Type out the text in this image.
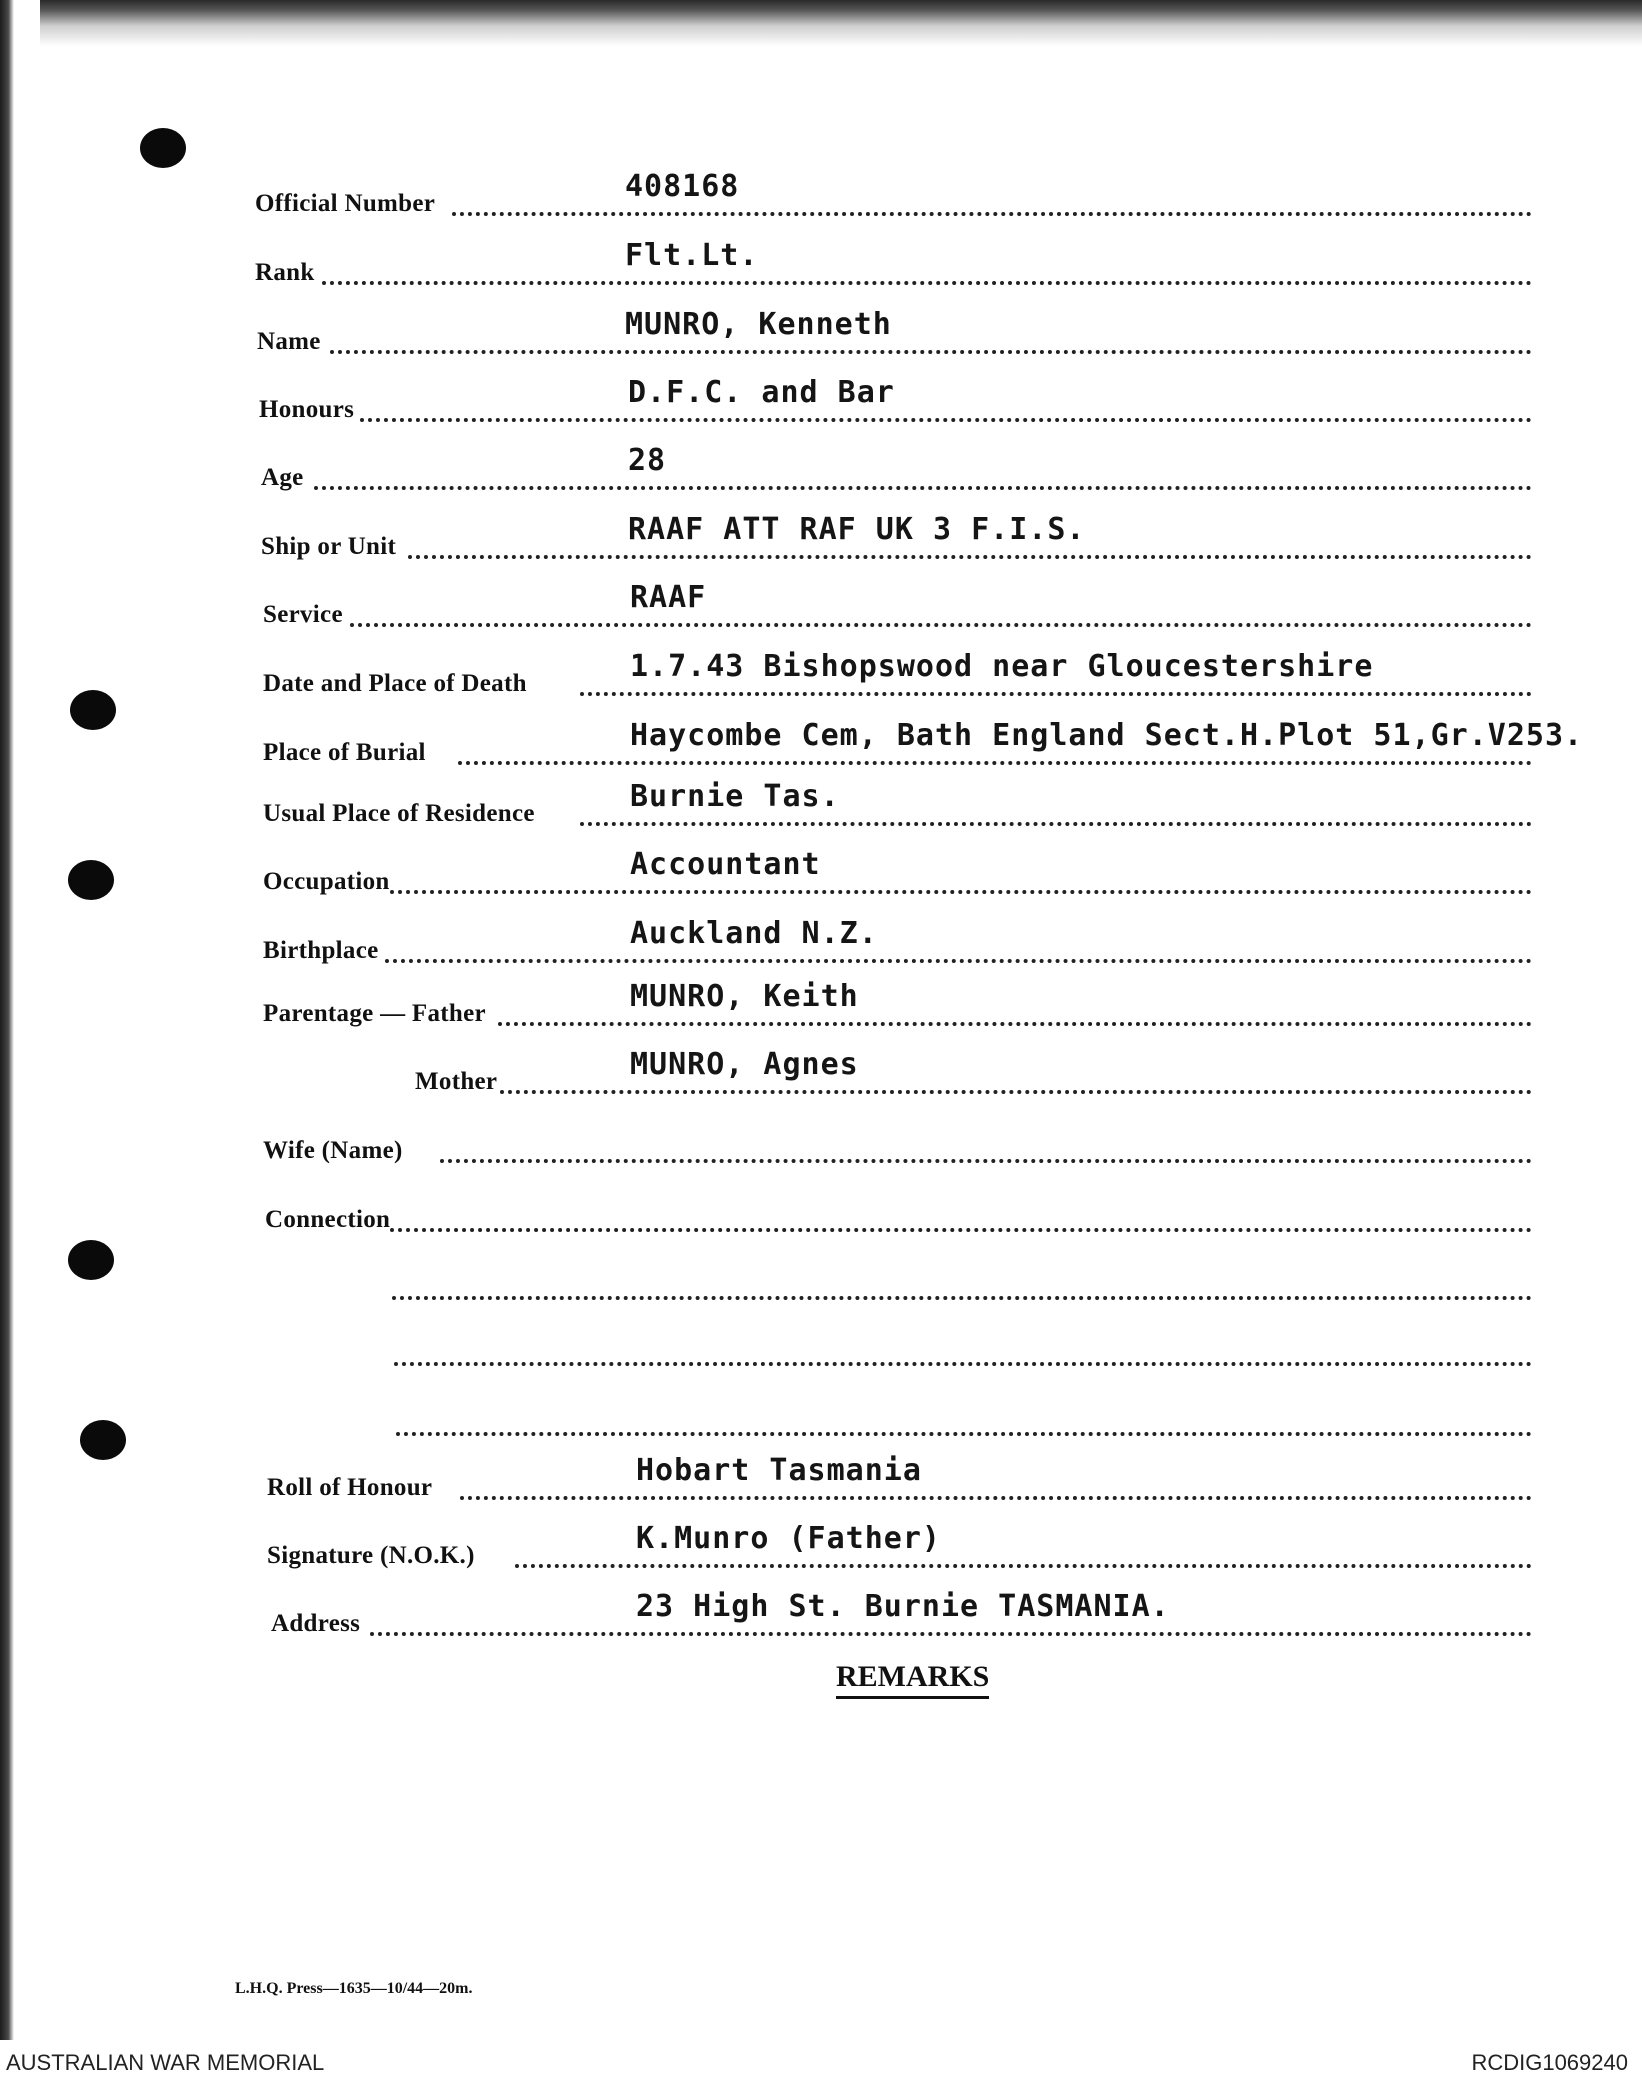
Official Number	408168
Rank	Flt.Lt.
Name	MUNRO, Kenneth
Honours	D.F.C. and Bar
Age	28
Ship or Unit	RAAF ATT RAF UK 3 F.I.S.
Service	RAAF
Date and Place of Death	1.7.43 Bishopswood near Gloucestershire
Place of Burial	Haycombe Cem, Bath England Sect.H.Plot 51,Gr.V253.
Usual Place of Residence	Burnie Tas.
Occupation	Accountant
Birthplace	Auckland N.Z.
Parentage — Father	MUNRO, Keith
Mother	MUNRO, Agnes
Wife (Name)
Connection
Roll of Honour	Hobart Tasmania
Signature (N.O.K.)	K.Munro (Father)
Address	23 High St. Burnie TASMANIA.
REMARKS
L.H.Q. Press—1635—10/44—20m.
AUSTRALIAN WAR MEMORIAL	RCDIG1069240
